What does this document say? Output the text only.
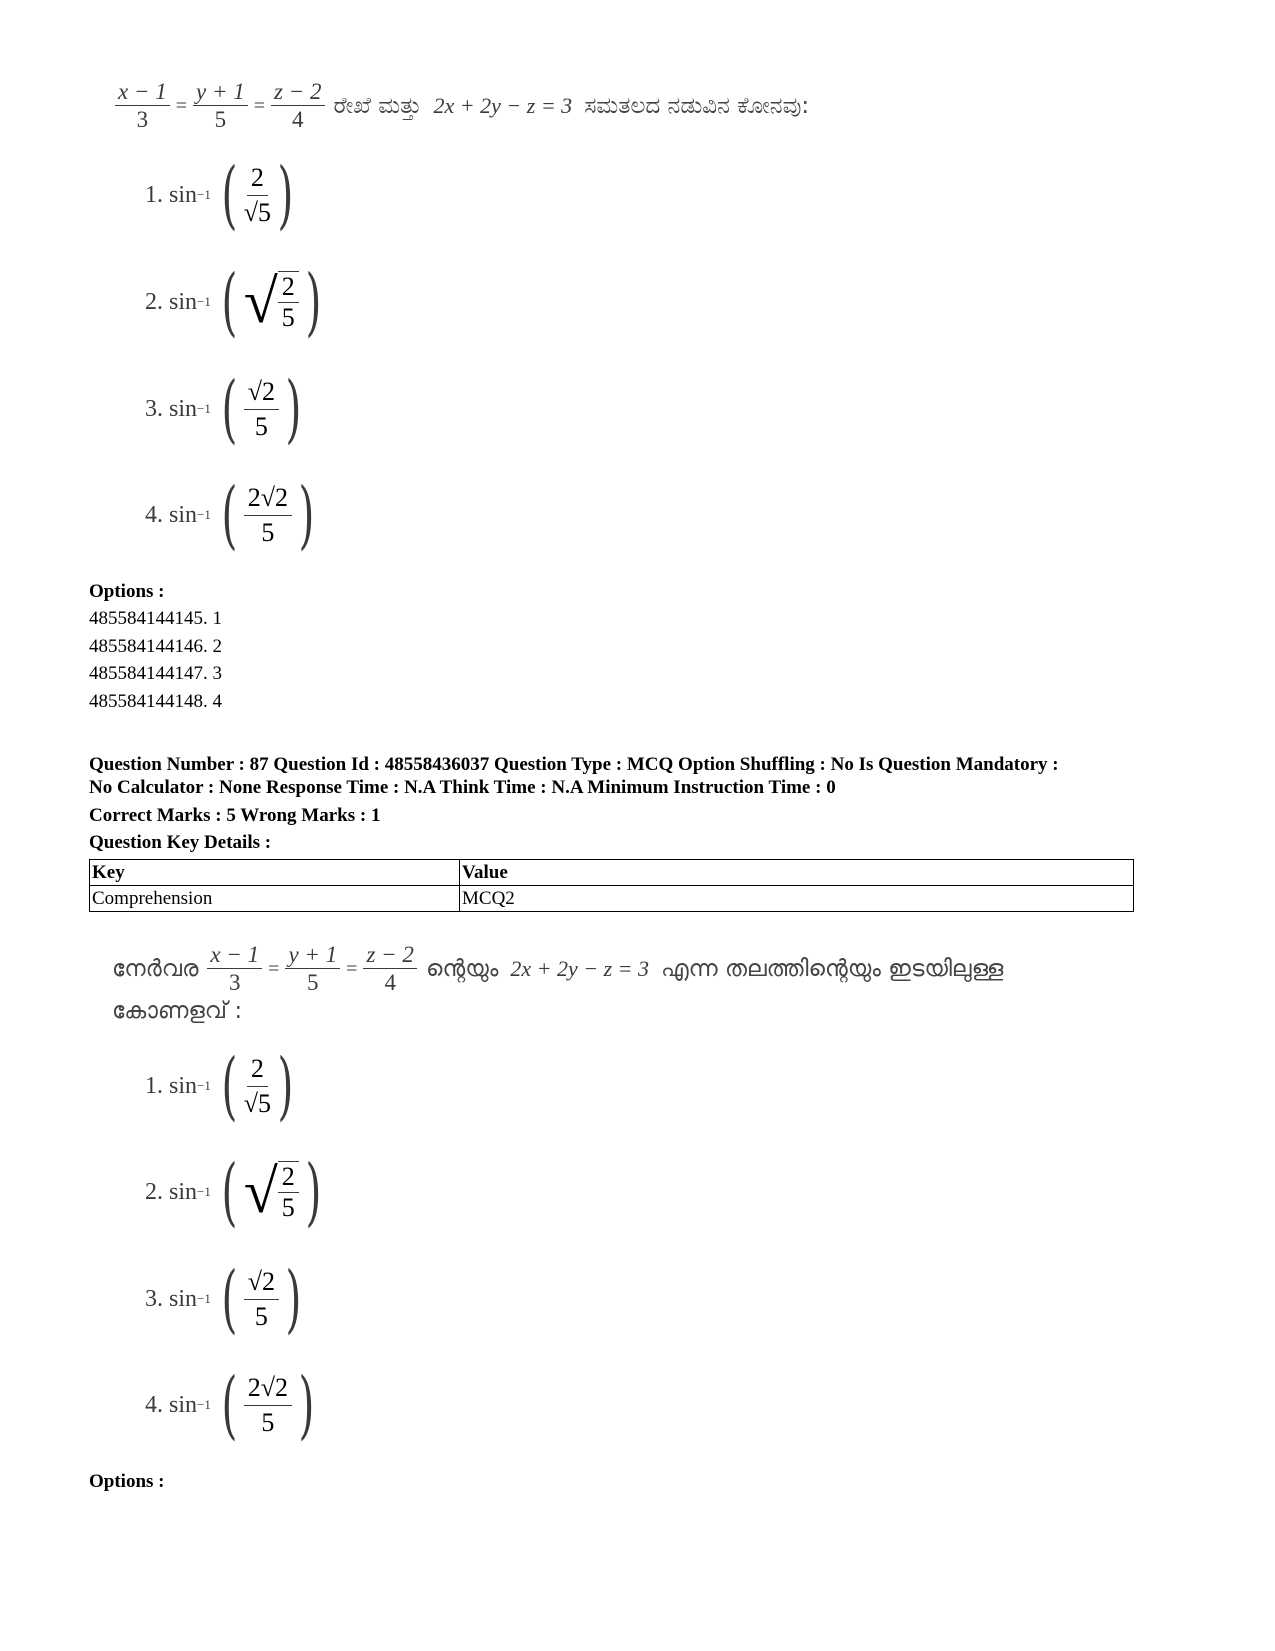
$\frac{x - 1}{3} = \frac{y + 1}{5} = \frac{z - 2}{4}$ ರೇಖೆ ಮತ್ತು 2x + 2y − z = 3 ಸಮತಲದ ನಡುವಿನ ಕೋನವು:
1. sin −1 ( $\frac{2}{√5}$ )
2. sin −1 ( √ $\frac{2}{5}$ )
3. sin −1 ( $\frac{√2}{5}$ )
4. sin −1 ( $\frac{2√2}{5}$ )
Options :
485584144145. 1
485584144146. 2
485584144147. 3
485584144148. 4
Question Number : 87 Question Id : 48558436037 Question Type : MCQ Option Shuffling : No Is Question Mandatory :
No Calculator : None Response Time : N.A Think Time : N.A Minimum Instruction Time : 0
Correct Marks : 5 Wrong Marks : 1
Question Key Details :
Key	Value
Comprehension	MCQ2
നേർവര $\frac{x - 1}{3} = \frac{y + 1}{5} = \frac{z - 2}{4}$ ന്റെയും 2x + 2y − z = 3 എന്ന തലത്തിന്റെയും ഇടയിലുള്ള
കോണളവ് :
1. sin −1 ( $\frac{2}{√5}$ )
2. sin −1 ( √ $\frac{2}{5}$ )
3. sin −1 ( $\frac{√2}{5}$ )
4. sin −1 ( $\frac{2√2}{5}$ )
Options :
